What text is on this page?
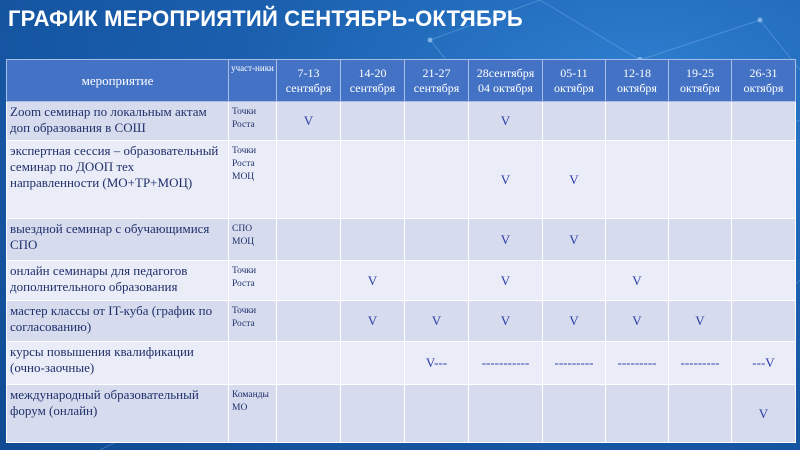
ГРАФИК МЕРОПРИЯТИЙ СЕНТЯБРЬ-ОКТЯБРЬ
мероприятие	участ-ники	7-13 сентября	14-20 сентября	21-27 сентября	28сентября 04 октября	05-11 октября	12-18 октября	19-25 октября	26-31 октября
Zoom семинар по локальным актам доп образования в СОШ	Точки Роста	V			V				
экспертная сессия – образовательный семинар по ДООП тех направленности (МО+ТР+МОЦ)	Точки Роста МОЦ				V	V			
выездной семинар с обучающимися СПО	СПО МОЦ				V	V			
онлайн семинары для педагогов дополнительного образования	Точки Роста		V		V		V		
мастер классы от IT-куба (график по согласованию)	Точки Роста		V	V	V	V	V	V	
курсы повышения квалификации (очно-заочные)				V---	-----------	---------	---------	---------	---V
международный образовательный форум (онлайн)	Команды МО								V
